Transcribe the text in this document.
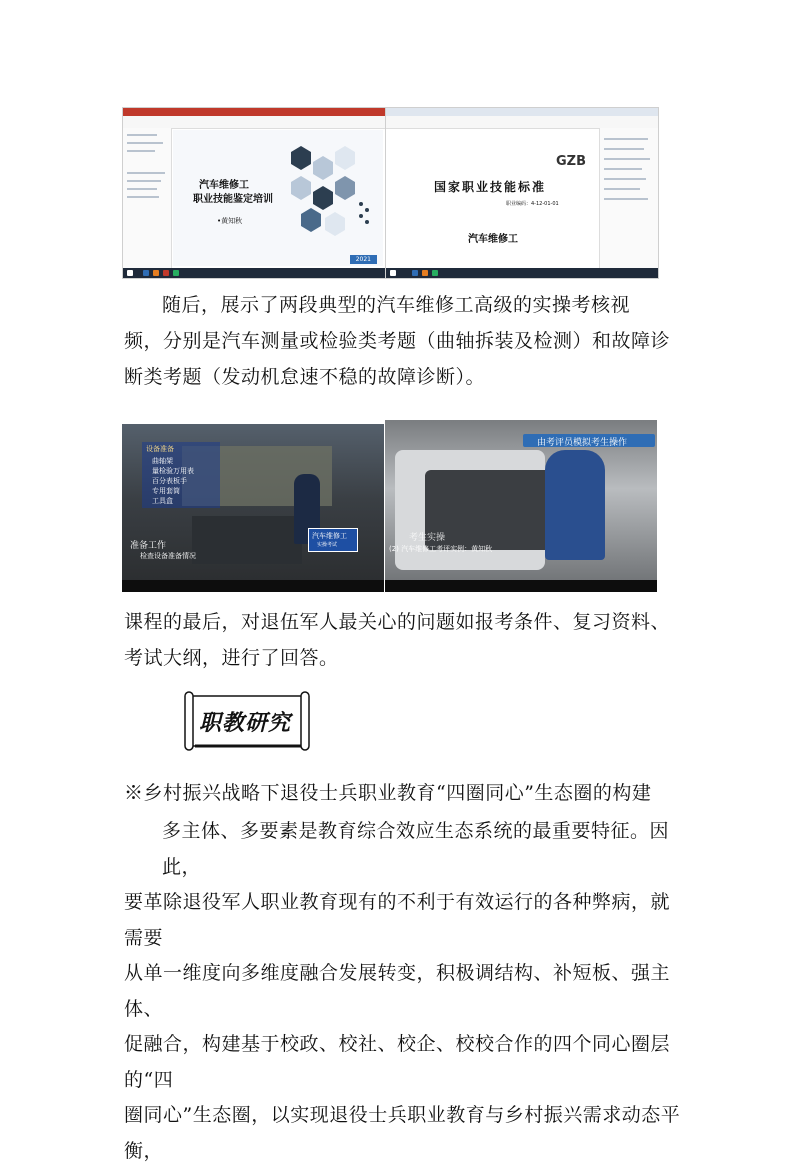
汽车维修工
职业技能鉴定培训
•黄知秋
2021
GZB
国家职业技能标准
职业编码：4-12-01-01
汽车维修工
随后，展示了两段典型的汽车维修工高级的实操考核视
频，分别是汽车测量或检验类考题（曲轴拆装及检测）和故障诊
断类考题（发动机怠速不稳的故障诊断）。
设备准备
曲轴架
量检验万用表
百分表板手
专用套筒
工具盒
汽车维修工
实操考试
准备工作
检查设备准备情况
由考评员模拟考生操作
考生实操
(2) 汽车维修工考评实例：黄知秋
课程的最后，对退伍军人最关心的问题如报考条件、复习资料、
考试大纲，进行了回答。
职教研究
※乡村振兴战略下退役士兵职业教育“四圈同心”生态圈的构建
多主体、多要素是教育综合效应生态系统的最重要特征。因此，
要革除退役军人职业教育现有的不利于有效运行的各种弊病，就需要
从单一维度向多维度融合发展转变，积极调结构、补短板、强主体、
促融合，构建基于校政、校社、校企、校校合作的四个同心圈层的“四
圈同心”生态圈，以实现退役士兵职业教育与乡村振兴需求动态平衡，
